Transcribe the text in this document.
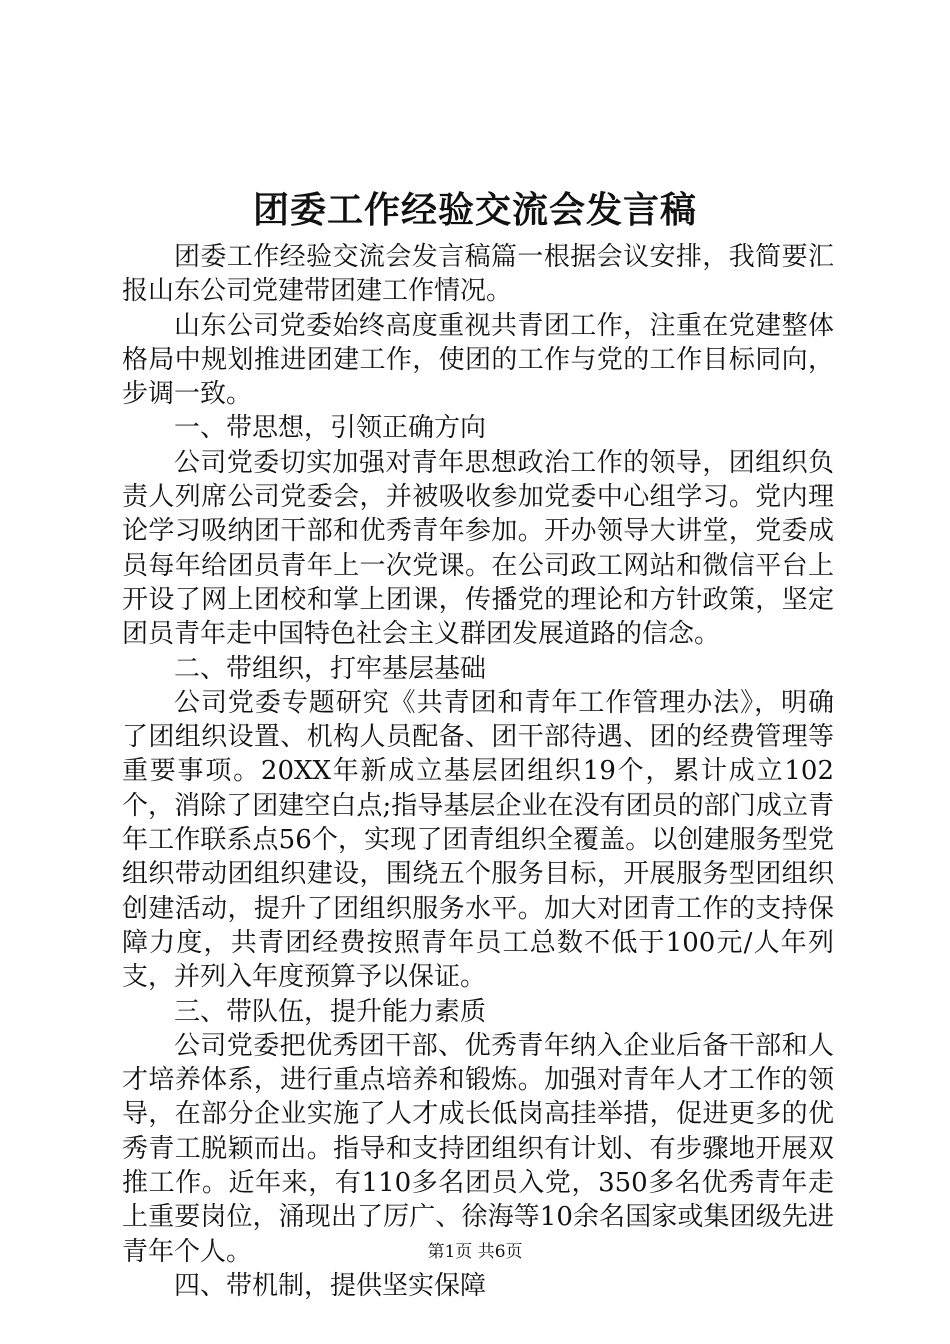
团委工作经验交流会发言稿

团委工作经验交流会发言稿篇一根据会议安排，我简要汇报山东公司党建带团建工作情况。

山东公司党委始终高度重视共青团工作，注重在党建整体格局中规划推进团建工作，使团的工作与党的工作目标同向，步调一致。

一、带思想，引领正确方向

公司党委切实加强对青年思想政治工作的领导，团组织负责人列席公司党委会，并被吸收参加党委中心组学习。党内理论学习吸纳团干部和优秀青年参加。开办领导大讲堂，党委成员每年给团员青年上一次党课。在公司政工网站和微信平台上开设了网上团校和掌上团课，传播党的理论和方针政策，坚定团员青年走中国特色社会主义群团发展道路的信念。

二、带组织，打牢基层基础

公司党委专题研究《共青团和青年工作管理办法》，明确了团组织设置、机构人员配备、团干部待遇、团的经费管理等重要事项。20XX年新成立基层团组织19个，累计成立102个，消除了团建空白点;指导基层企业在没有团员的部门成立青年工作联系点56个，实现了团青组织全覆盖。以创建服务型党组织带动团组织建设，围绕五个服务目标，开展服务型团组织创建活动，提升了团组织服务水平。加大对团青工作的支持保障力度，共青团经费按照青年员工总数不低于100元/人年列支，并列入年度预算予以保证。

三、带队伍，提升能力素质

公司党委把优秀团干部、优秀青年纳入企业后备干部和人才培养体系，进行重点培养和锻炼。加强对青年人才工作的领导，在部分企业实施了人才成长低岗高挂举措，促进更多的优秀青工脱颖而出。指导和支持团组织有计划、有步骤地开展双推工作。近年来，有110多名团员入党，350多名优秀青年走上重要岗位，涌现出了厉广、徐海等10余名国家或集团级先进青年个人。

四、带机制，提供坚实保障

第1页 共6页
